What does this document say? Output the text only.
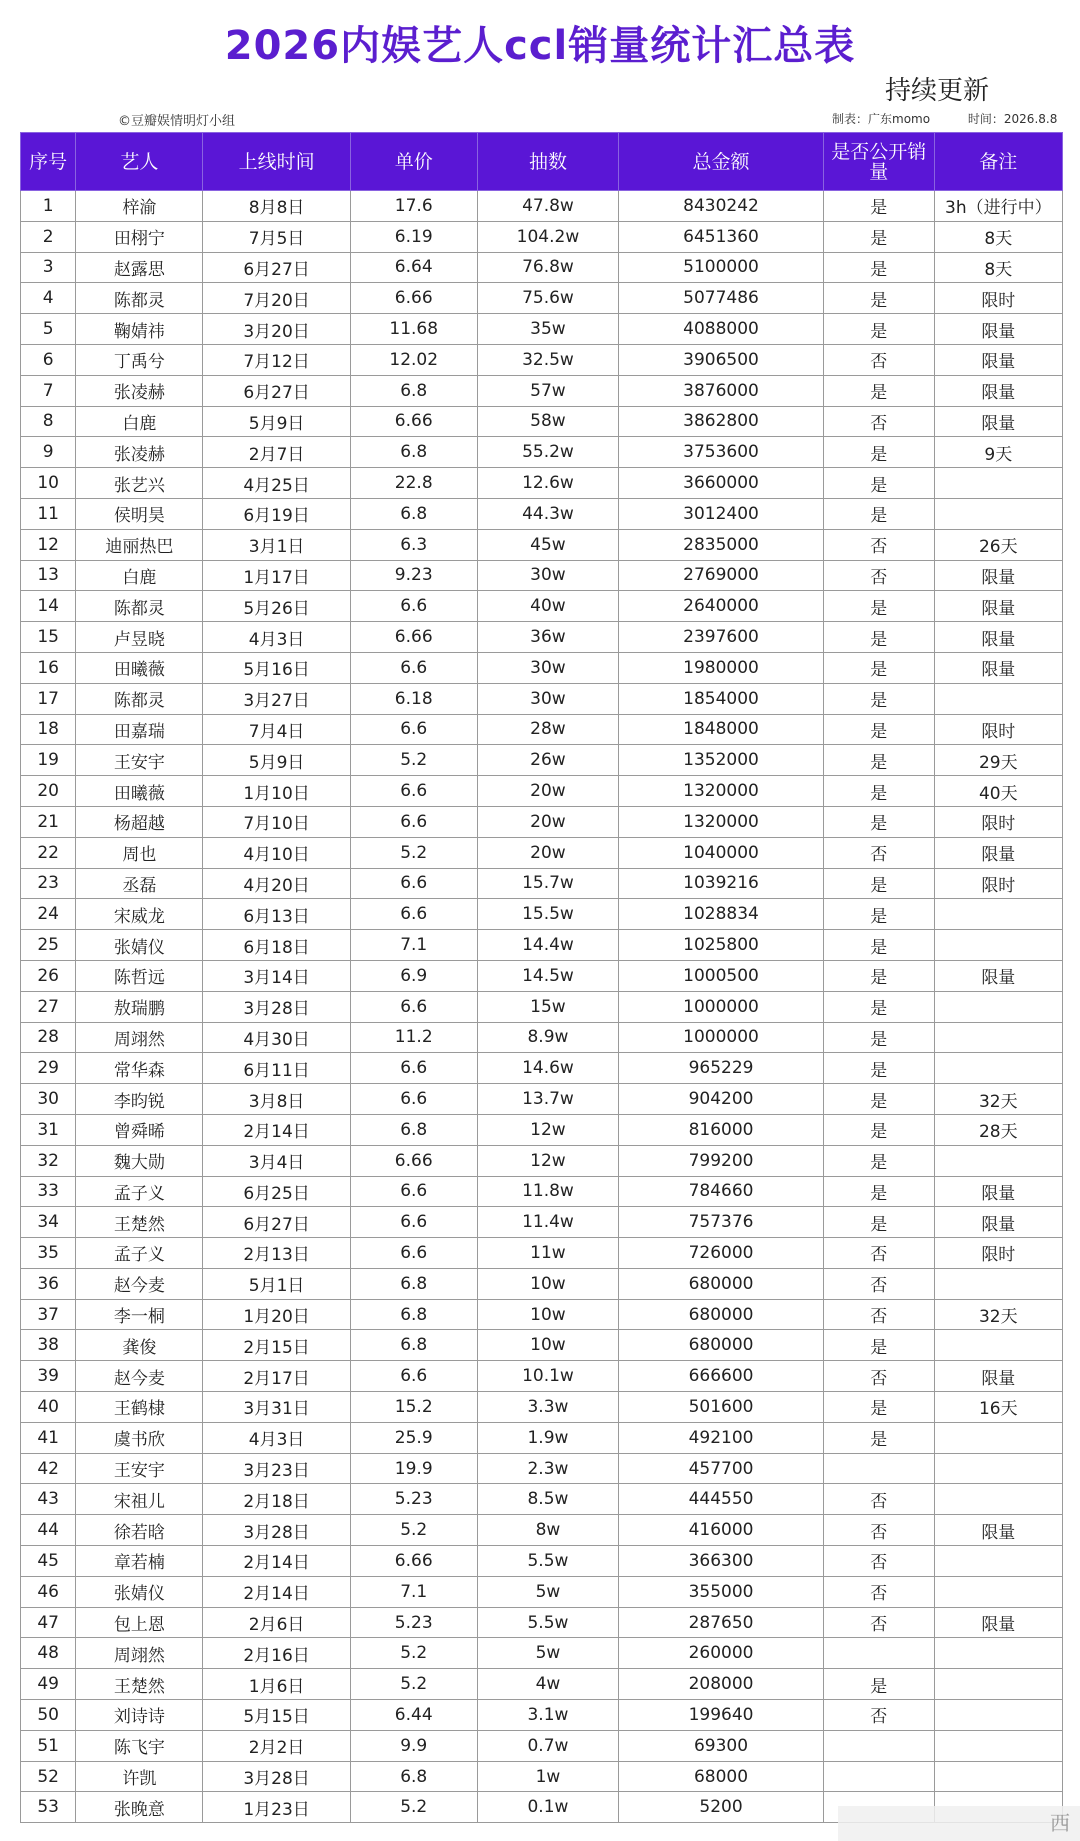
2026内娱艺人ccl销量统计汇总表
持续更新
©豆瓣娱情明灯小组	制表：广东momo	时间：2026.8.8
序号	艺人	上线时间	单价	抽数	总金额	是否公开销量	备注
1	梓渝	8月8日	17.6	47.8w	8430242	是	3h（进行中）
2	田栩宁	7月5日	6.19	104.2w	6451360	是	8天
3	赵露思	6月27日	6.64	76.8w	5100000	是	8天
4	陈都灵	7月20日	6.66	75.6w	5077486	是	限时
5	鞠婧祎	3月20日	11.68	35w	4088000	是	限量
6	丁禹兮	7月12日	12.02	32.5w	3906500	否	限量
7	张凌赫	6月27日	6.8	57w	3876000	是	限量
8	白鹿	5月9日	6.66	58w	3862800	否	限量
9	张凌赫	2月7日	6.8	55.2w	3753600	是	9天
10	张艺兴	4月25日	22.8	12.6w	3660000	是	
11	侯明昊	6月19日	6.8	44.3w	3012400	是	
12	迪丽热巴	3月1日	6.3	45w	2835000	否	26天
13	白鹿	1月17日	9.23	30w	2769000	否	限量
14	陈都灵	5月26日	6.6	40w	2640000	是	限量
15	卢昱晓	4月3日	6.66	36w	2397600	是	限量
16	田曦薇	5月16日	6.6	30w	1980000	是	限量
17	陈都灵	3月27日	6.18	30w	1854000	是	
18	田嘉瑞	7月4日	6.6	28w	1848000	是	限时
19	王安宇	5月9日	5.2	26w	1352000	是	29天
20	田曦薇	1月10日	6.6	20w	1320000	是	40天
21	杨超越	7月10日	6.6	20w	1320000	是	限时
22	周也	4月10日	5.2	20w	1040000	否	限量
23	丞磊	4月20日	6.6	15.7w	1039216	是	限时
24	宋威龙	6月13日	6.6	15.5w	1028834	是	
25	张婧仪	6月18日	7.1	14.4w	1025800	是	
26	陈哲远	3月14日	6.9	14.5w	1000500	是	限量
27	敖瑞鹏	3月28日	6.6	15w	1000000	是	
28	周翊然	4月30日	11.2	8.9w	1000000	是	
29	常华森	6月11日	6.6	14.6w	965229	是	
30	李昀锐	3月8日	6.6	13.7w	904200	是	32天
31	曾舜晞	2月14日	6.8	12w	816000	是	28天
32	魏大勋	3月4日	6.66	12w	799200	是	
33	孟子义	6月25日	6.6	11.8w	784660	是	限量
34	王楚然	6月27日	6.6	11.4w	757376	是	限量
35	孟子义	2月13日	6.6	11w	726000	否	限时
36	赵今麦	5月1日	6.8	10w	680000	否	
37	李一桐	1月20日	6.8	10w	680000	否	32天
38	龚俊	2月15日	6.8	10w	680000	是	
39	赵今麦	2月17日	6.6	10.1w	666600	否	限量
40	王鹤棣	3月31日	15.2	3.3w	501600	是	16天
41	虞书欣	4月3日	25.9	1.9w	492100	是	
42	王安宇	3月23日	19.9	2.3w	457700		
43	宋祖儿	2月18日	5.23	8.5w	444550	否	
44	徐若晗	3月28日	5.2	8w	416000	否	限量
45	章若楠	2月14日	6.66	5.5w	366300	否	
46	张婧仪	2月14日	7.1	5w	355000	否	
47	包上恩	2月6日	5.23	5.5w	287650	否	限量
48	周翊然	2月16日	5.2	5w	260000		
49	王楚然	1月6日	5.2	4w	208000	是	
50	刘诗诗	5月15日	6.44	3.1w	199640	否	
51	陈飞宇	2月2日	9.9	0.7w	69300		
52	许凯	3月28日	6.8	1w	68000		
53	张晚意	1月23日	5.2	0.1w	5200		
西
